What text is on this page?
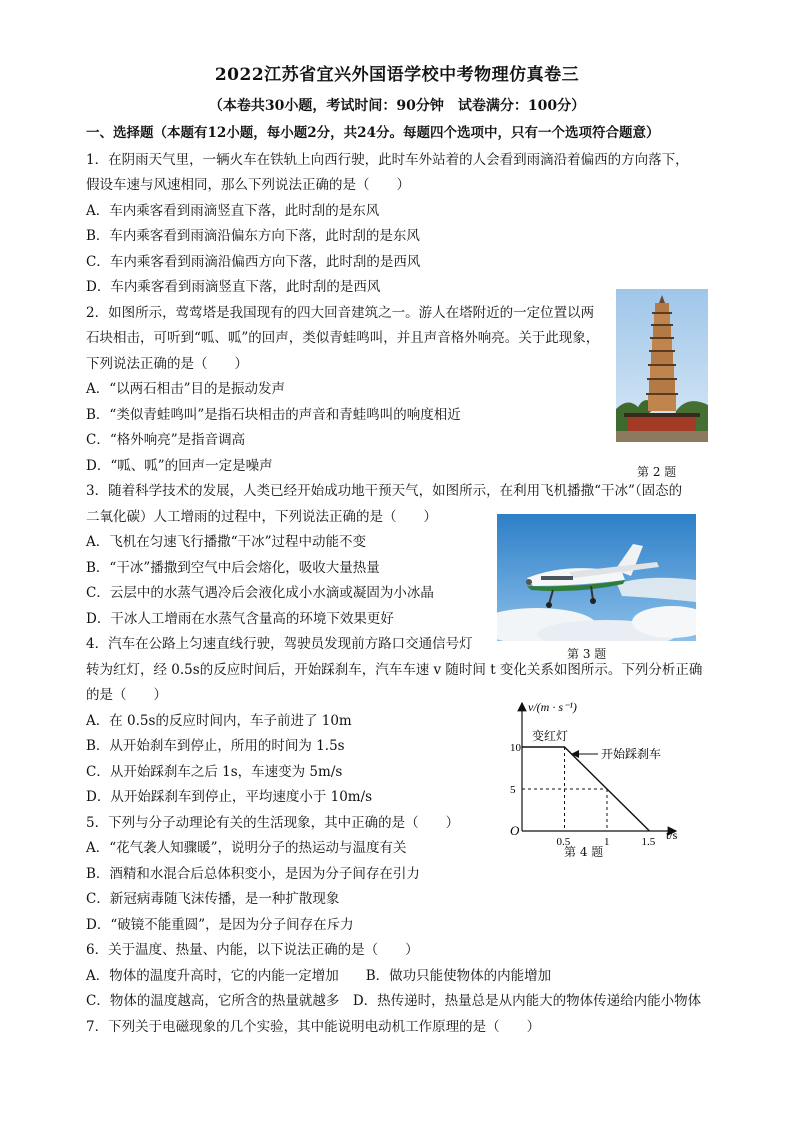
2022江苏省宜兴外国语学校中考物理仿真卷三
（本卷共30小题，考试时间：90分钟　试卷满分：100分）
一、选择题（本题有12小题，每小题2分，共24分。每题四个选项中，只有一个选项符合题意）
1．在阴雨天气里，一辆火车在铁轨上向西行驶，此时车外站着的人会看到雨滴沿着偏西的方向落下，
假设车速与风速相同，那么下列说法正确的是（　　）
A．车内乘客看到雨滴竖直下落，此时刮的是东风
B．车内乘客看到雨滴沿偏东方向下落，此时刮的是东风
C．车内乘客看到雨滴沿偏西方向下落，此时刮的是西风
D．车内乘客看到雨滴竖直下落，此时刮的是西风
2．如图所示，莺莺塔是我国现有的四大回音建筑之一。游人在塔附近的一定位置以两
石块相击，可听到“呱、呱”的回声，类似青蛙鸣叫，并且声音格外响亮。关于此现象，
下列说法正确的是（　　）
A．“以两石相击”目的是振动发声
B．“类似青蛙鸣叫”是指石块相击的声音和青蛙鸣叫的响度相近
C．“格外响亮”是指音调高
D．“呱、呱”的回声一定是噪声
3．随着科学技术的发展，人类已经开始成功地干预天气，如图所示，在利用飞机播撒“干冰”（固态的
二氧化碳）人工增雨的过程中，下列说法正确的是（　　）
A．飞机在匀速飞行播撒“干冰”过程中动能不变
B．“干冰”播撒到空气中后会熔化，吸收大量热量
C．云层中的水蒸气遇冷后会液化成小水滴或凝固为小冰晶
D．干冰人工增雨在水蒸气含量高的环境下效果更好
4．汽车在公路上匀速直线行驶，驾驶员发现前方路口交通信号灯
转为红灯，经 0.5s的反应时间后，开始踩刹车，汽车车速 v 随时间 t 变化关系如图所示。下列分析正确
的是（　　）
A．在 0.5s的反应时间内，车子前进了 10m
B．从开始刹车到停止，所用的时间为 1.5s
C．从开始踩刹车之后 1s，车速变为 5m/s
D．从开始踩刹车到停止，平均速度小于 10m/s
5．下列与分子动理论有关的生活现象，其中正确的是（　　）
A．“花气袭人知骤暖”，说明分子的热运动与温度有关
B．酒精和水混合后总体积变小，是因为分子间存在引力
C．新冠病毒随飞沫传播，是一种扩散现象
D．“破镜不能重圆”，是因为分子间存在斥力
6．关于温度、热量、内能，以下说法正确的是（　　）
A．物体的温度升高时，它的内能一定增加　　B．做功只能使物体的内能增加
C．物体的温度越高，它所含的热量就越多　D．热传递时，热量总是从内能大的物体传递给内能小物体
7．下列关于电磁现象的几个实验，其中能说明电动机工作原理的是（　　）
第 2 题
第 3 题
10
5
0.5	1	1.5
v/(m · s⁻¹)
t/s
O
变红灯
开始踩刹车
第 4 题
